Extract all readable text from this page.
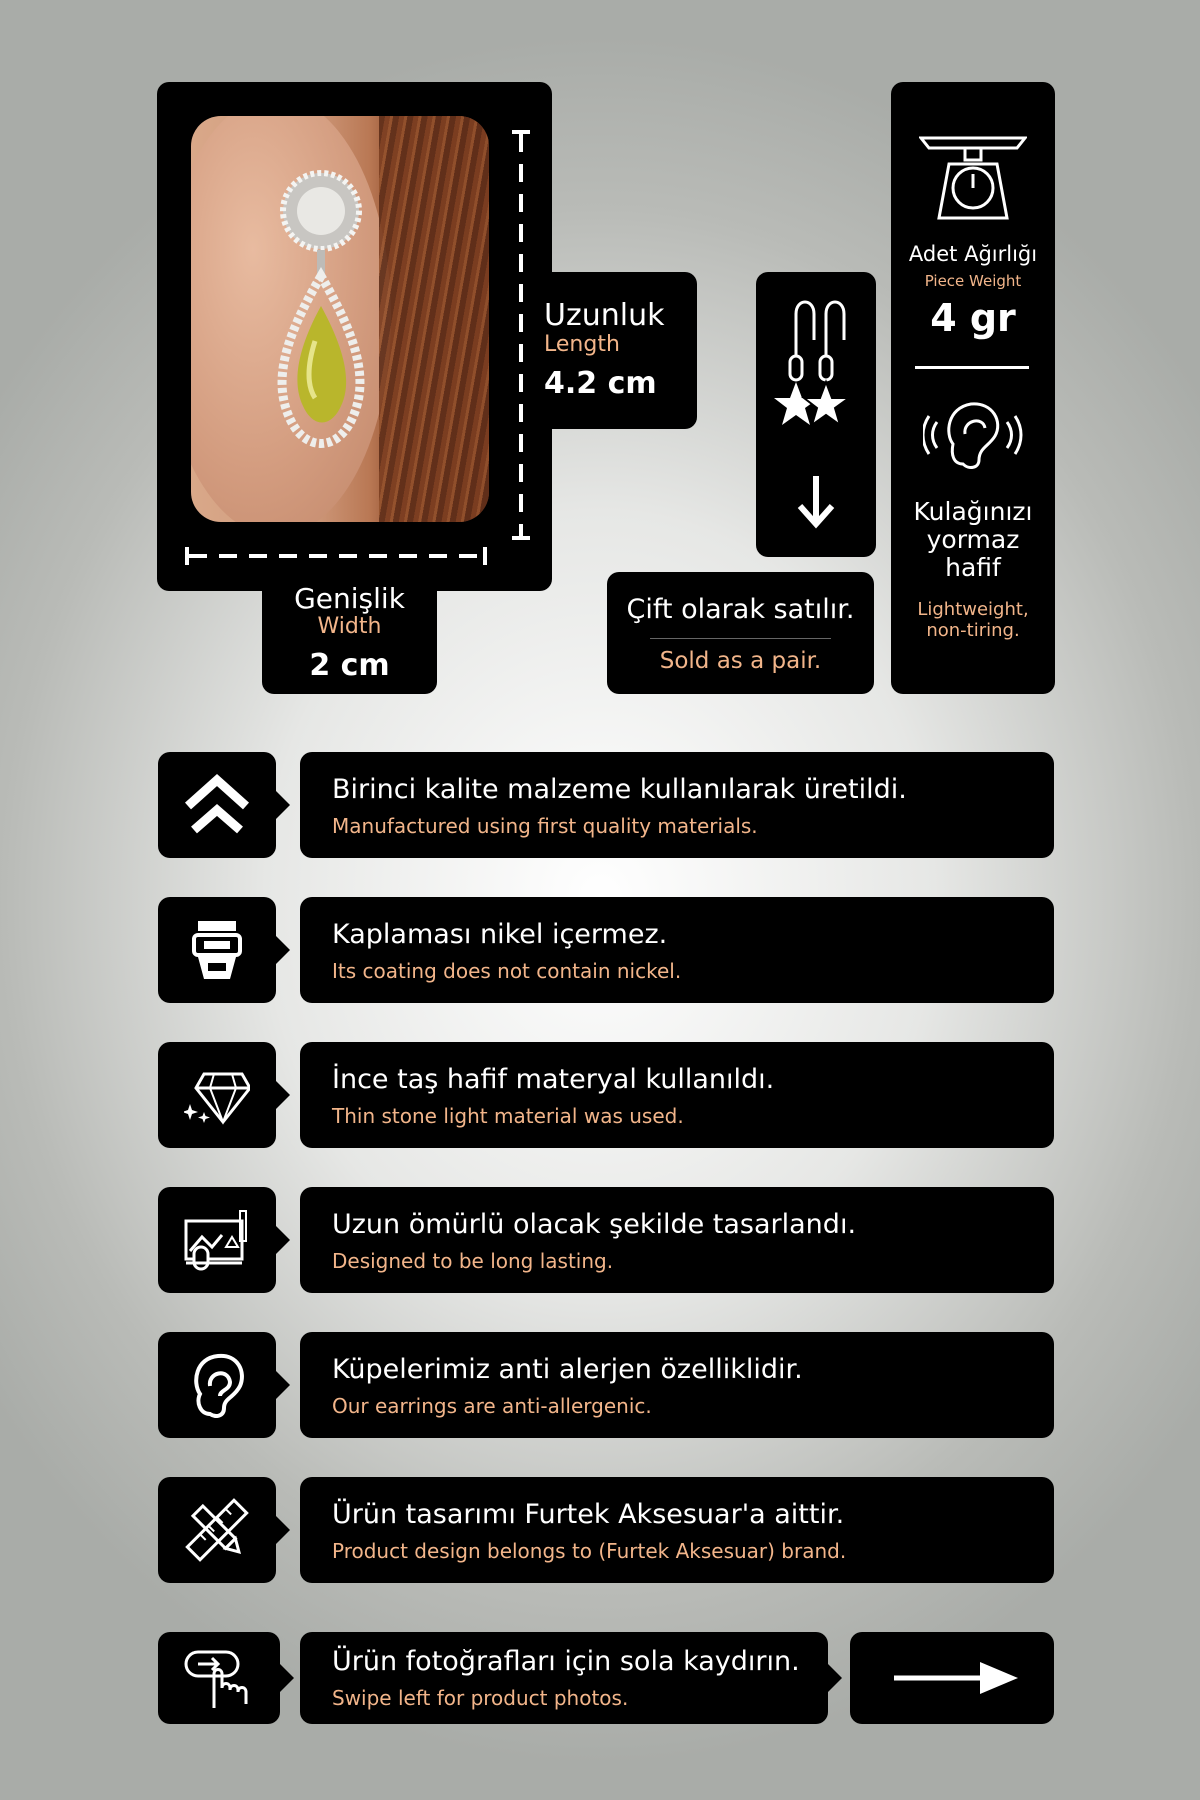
Uzunluk
Length
4.2 cm
Genişlik
Width
2 cm
Çift olarak satılır.
Sold as a pair.
Adet Ağırlığı
Piece Weight
4 gr
Kulağınızı
yormaz
hafif
Lightweight,
non-tiring.
Birinci kalite malzeme kullanılarak üretildi.
Manufactured using first quality materials.
Kaplaması nikel içermez.
Its coating does not contain nickel.
İnce taş hafif materyal kullanıldı.
Thin stone light material was used.
Uzun ömürlü olacak şekilde tasarlandı.
Designed to be long lasting.
Küpelerimiz anti alerjen özelliklidir.
Our earrings are anti-allergenic.
Ürün tasarımı Furtek Aksesuar'a aittir.
Product design belongs to (Furtek Aksesuar) brand.
Ürün fotoğrafları için sola kaydırın.
Swipe left for product photos.
